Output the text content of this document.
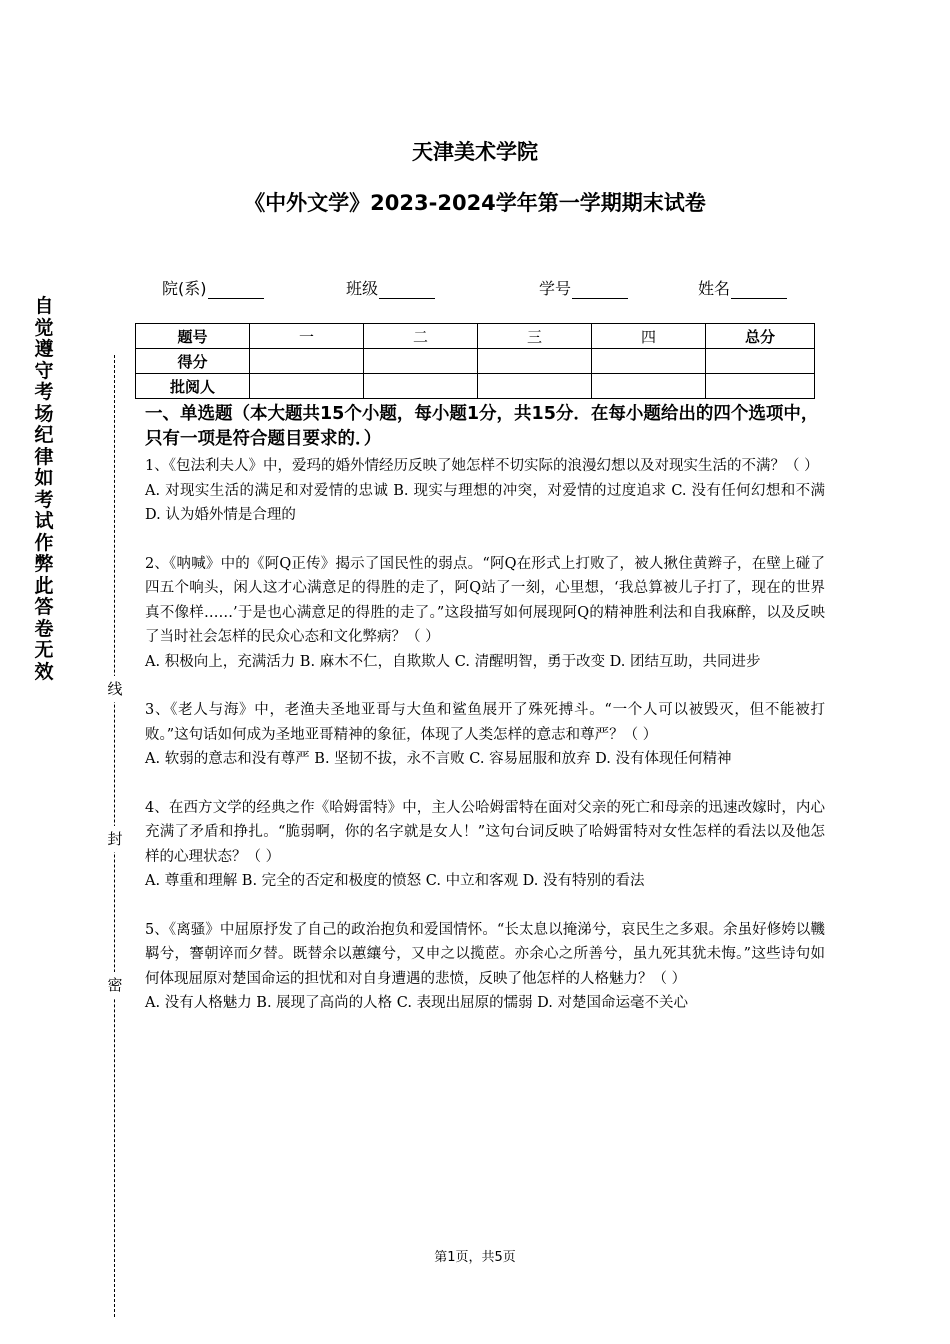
自觉遵守考场纪律如考试作弊此答卷无效
线
封
密
天津美术学院
《中外文学》2023-2024学年第一学期期末试卷
院(系)	班级	学号	姓名
题号	一	二	三	四	总分
得分					
批阅人					

一、单选题（本大题共15个小题，每小题1分，共15分．在每小题给出的四个选项中，只有一项是符合题目要求的．）

1、《包法利夫人》中，爱玛的婚外情经历反映了她怎样不切实际的浪漫幻想以及对现实生活的不满？（ ）

A. 对现实生活的满足和对爱情的忠诚 B. 现实与理想的冲突，对爱情的过度追求 C. 没有任何幻想和不满 D. 认为婚外情是合理的

2、《呐喊》中的《阿Q正传》揭示了国民性的弱点。“阿Q在形式上打败了，被人揪住黄辫子，在壁上碰了四五个响头，闲人这才心满意足的得胜的走了，阿Q站了一刻，心里想，‘我总算被儿子打了，现在的世界真不像样……’于是也心满意足的得胜的走了。”这段描写如何展现阿Q的精神胜利法和自我麻醉，以及反映了当时社会怎样的民众心态和文化弊病？（ ）

A. 积极向上，充满活力 B. 麻木不仁，自欺欺人 C. 清醒明智，勇于改变 D. 团结互助，共同进步

3、《老人与海》中，老渔夫圣地亚哥与大鱼和鲨鱼展开了殊死搏斗。“一个人可以被毁灭，但不能被打败。”这句话如何成为圣地亚哥精神的象征，体现了人类怎样的意志和尊严？（ ）

A. 软弱的意志和没有尊严 B. 坚韧不拔，永不言败 C. 容易屈服和放弃 D. 没有体现任何精神

4、在西方文学的经典之作《哈姆雷特》中，主人公哈姆雷特在面对父亲的死亡和母亲的迅速改嫁时，内心充满了矛盾和挣扎。“脆弱啊，你的名字就是女人！”这句台词反映了哈姆雷特对女性怎样的看法以及他怎样的心理状态？（ ）

A. 尊重和理解 B. 完全的否定和极度的愤怒 C. 中立和客观 D. 没有特别的看法

5、《离骚》中屈原抒发了自己的政治抱负和爱国情怀。“长太息以掩涕兮，哀民生之多艰。余虽好修姱以鞿羁兮，謇朝谇而夕替。既替余以蕙纕兮，又申之以揽茝。亦余心之所善兮，虽九死其犹未悔。”这些诗句如何体现屈原对楚国命运的担忧和对自身遭遇的悲愤，反映了他怎样的人格魅力？（ ）

A. 没有人格魅力 B. 展现了高尚的人格 C. 表现出屈原的懦弱 D. 对楚国命运毫不关心

第1页，共5页
